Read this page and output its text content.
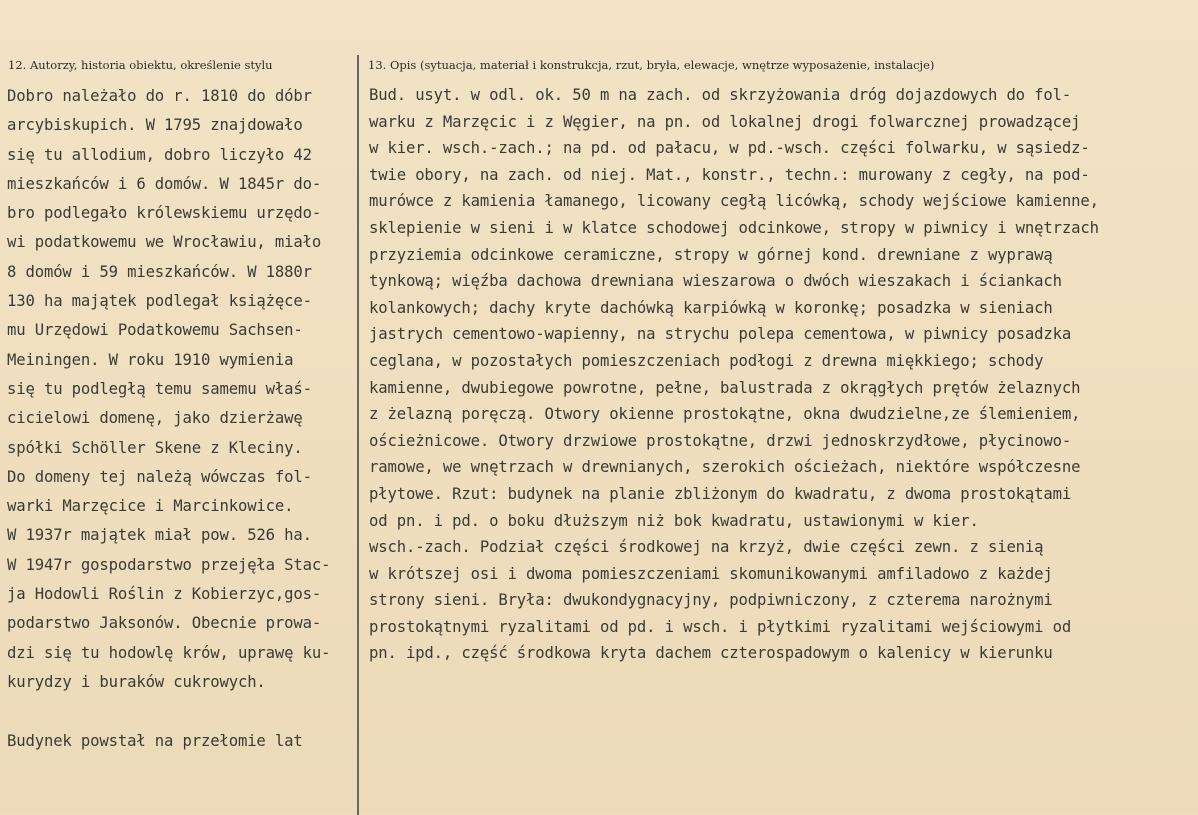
12. Autorzy, historia obiektu, określenie stylu	13. Opis (sytuacja, materiał i konstrukcja, rzut, bryła, elewacje, wnętrze wyposażenie, instalacje)
Dobro należało do r. 1810 do dóbr
arcybiskupich. W 1795 znajdowało
się tu allodium, dobro liczyło 42
mieszkańców i 6 domów. W 1845r do-
bro podlegało królewskiemu urzędo-
wi podatkowemu we Wrocławiu, miało
8 domów i 59 mieszkańców. W 1880r
130 ha majątek podlegał książęce-
mu Urzędowi Podatkowemu Sachsen-
Meiningen. W roku 1910 wymienia
się tu podległą temu samemu właś-
cicielowi domenę, jako dzierżawę
spółki Schöller Skene z Kleciny.
Do domeny tej należą wówczas fol-
warki Marzęcice i Marcinkowice.
W 1937r majątek miał pow. 526 ha.
W 1947r gospodarstwo przejęła Stac-
ja Hodowli Roślin z Kobierzyc,gos-
podarstwo Jaksonów. Obecnie prowa-
dzi się tu hodowlę krów, uprawę ku-
kurydzy i buraków cukrowych.
Budynek powstał na przełomie lat
Bud. usyt. w odl. ok. 50 m na zach. od skrzyżowania dróg dojazdowych do fol-
warku z Marzęcic i z Węgier, na pn. od lokalnej drogi folwarcznej prowadzącej
w kier. wsch.-zach.; na pd. od pałacu, w pd.-wsch. części folwarku, w sąsiedz-
twie obory, na zach. od niej. Mat., konstr., techn.: murowany z cegły, na pod-
murówce z kamienia łamanego, licowany cegłą licówką, schody wejściowe kamienne,
sklepienie w sieni i w klatce schodowej odcinkowe, stropy w piwnicy i wnętrzach
przyziemia odcinkowe ceramiczne, stropy w górnej kond. drewniane z wyprawą
tynkową; więźba dachowa drewniana wieszarowa o dwóch wieszakach i ściankach
kolankowych; dachy kryte dachówką karpiówką w koronkę; posadzka w sieniach
jastrych cementowo-wapienny, na strychu polepa cementowa, w piwnicy posadzka
ceglana, w pozostałych pomieszczeniach podłogi z drewna miękkiego; schody
kamienne, dwubiegowe powrotne, pełne, balustrada z okrągłych prętów żelaznych
z żelazną poręczą. Otwory okienne prostokątne, okna dwudzielne,ze ślemieniem,
ościeżnicowe. Otwory drzwiowe prostokątne, drzwi jednoskrzydłowe, płycinowo-
ramowe, we wnętrzach w drewnianych, szerokich ościeżach, niektóre współczesne
płytowe. Rzut: budynek na planie zbliżonym do kwadratu, z dwoma prostokątami
od pn. i pd. o boku dłuższym niż bok kwadratu, ustawionymi w kier.
wsch.-zach. Podział części środkowej na krzyż, dwie części zewn. z sienią
w krótszej osi i dwoma pomieszczeniami skomunikowanymi amfiladowo z każdej
strony sieni. Bryła: dwukondygnacyjny, podpiwniczony, z czterema narożnymi
prostokątnymi ryzalitami od pd. i wsch. i płytkimi ryzalitami wejściowymi od
pn. ipd., część środkowa kryta dachem czterospadowym o kalenicy w kierunku
